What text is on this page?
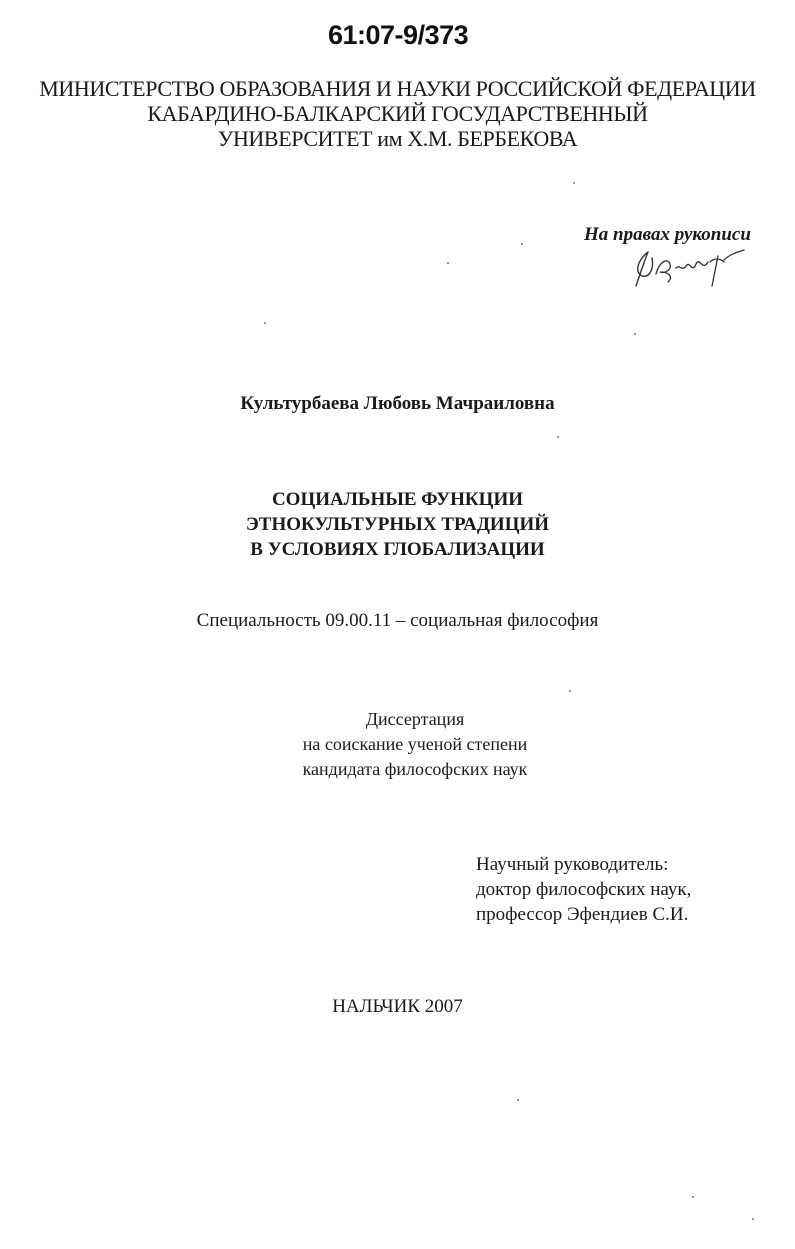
61:07-9/373
МИНИСТЕРСТВО ОБРАЗОВАНИЯ И НАУКИ РОССИЙСКОЙ ФЕДЕРАЦИИ
КАБАРДИНО-БАЛКАРСКИЙ ГОСУДАРСТВЕННЫЙ
УНИВЕРСИТЕТ им Х.М. БЕРБЕКОВА
На правах рукописи
Культурбаева Любовь Мачраиловна
СОЦИАЛЬНЫЕ ФУНКЦИИ
ЭТНОКУЛЬТУРНЫХ ТРАДИЦИЙ
В УСЛОВИЯХ ГЛОБАЛИЗАЦИИ
Специальность 09.00.11 – социальная философия
Диссертация
на соискание ученой степени
кандидата философских наук
Научный руководитель:
доктор философских наук,
профессор Эфендиев С.И.
НАЛЬЧИК 2007
